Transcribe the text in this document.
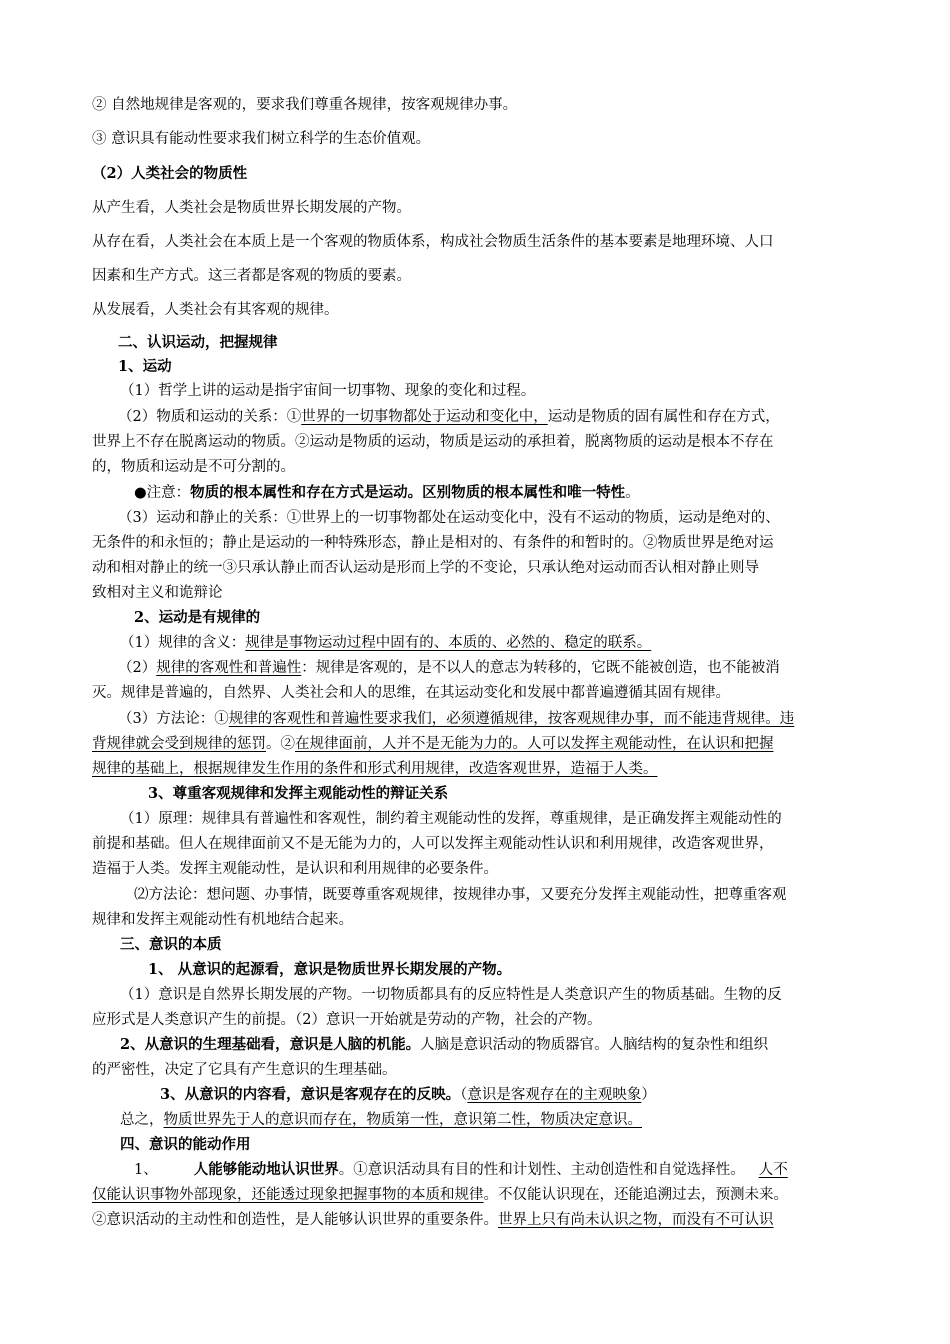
② 自然地规律是客观的，要求我们尊重各规律，按客观规律办事。
③ 意识具有能动性要求我们树立科学的生态价值观。
（2）人类社会的物质性
从产生看，人类社会是物质世界长期发展的产物。
从存在看，人类社会在本质上是一个客观的物质体系，构成社会物质生活条件的基本要素是地理环境、人口
因素和生产方式。这三者都是客观的物质的要素。
从发展看，人类社会有其客观的规律。
二、认识运动，把握规律
1、运动
（1）哲学上讲的运动是指宇宙间一切事物、现象的变化和过程。
（2）物质和运动的关系：①世界的一切事物都处于运动和变化中，运动是物质的固有属性和存在方式，
世界上不存在脱离运动的物质。②运动是物质的运动，物质是运动的承担着，脱离物质的运动是根本不存在
的，物质和运动是不可分割的。
●注意：物质的根本属性和存在方式是运动。区别物质的根本属性和唯一特性。
（3）运动和静止的关系：①世界上的一切事物都处在运动变化中，没有不运动的物质，运动是绝对的、
无条件的和永恒的；静止是运动的一种特殊形态，静止是相对的、有条件的和暂时的。②物质世界是绝对运
动和相对静止的统一③只承认静止而否认运动是形而上学的不变论，只承认绝对运动而否认相对静止则导
致相对主义和诡辩论
2、运动是有规律的
（1）规律的含义：规律是事物运动过程中固有的、本质的、必然的、稳定的联系。
（2）规律的客观性和普遍性：规律是客观的，是不以人的意志为转移的，它既不能被创造，也不能被消
灭。规律是普遍的，自然界、人类社会和人的思维，在其运动变化和发展中都普遍遵循其固有规律。
（3）方法论：①规律的客观性和普遍性要求我们，必须遵循规律，按客观规律办事，而不能违背规律。违
背规律就会受到规律的惩罚。②在规律面前，人并不是无能为力的。人可以发挥主观能动性，在认识和把握
规律的基础上，根据规律发生作用的条件和形式利用规律，改造客观世界，造福于人类。
3、尊重客观规律和发挥主观能动性的辩证关系
（1）原理：规律具有普遍性和客观性，制约着主观能动性的发挥，尊重规律，是正确发挥主观能动性的
前提和基础。但人在规律面前又不是无能为力的，人可以发挥主观能动性认识和利用规律，改造客观世界，
造福于人类。发挥主观能动性，是认识和利用规律的必要条件。
⑵方法论：想问题、办事情，既要尊重客观规律，按规律办事，又要充分发挥主观能动性，把尊重客观
规律和发挥主观能动性有机地结合起来。
三、意识的本质
1、 从意识的起源看，意识是物质世界长期发展的产物。
（1）意识是自然界长期发展的产物。一切物质都具有的反应特性是人类意识产生的物质基础。生物的反
应形式是人类意识产生的前提。（2）意识一开始就是劳动的产物，社会的产物。
2、从意识的生理基础看，意识是人脑的机能。人脑是意识活动的物质器官。人脑结构的复杂性和组织
的严密性，决定了它具有产生意识的生理基础。
3、从意识的内容看，意识是客观存在的反映。（意识是客观存在的主观映象）
总之，物质世界先于人的意识而存在，物质第一性，意识第二性，物质决定意识。
四、意识的能动作用
1、 人能够能动地认识世界。①意识活动具有目的性和计划性、主动创造性和自觉选择性。 人不
仅能认识事物外部现象，还能透过现象把握事物的本质和规律。不仅能认识现在，还能追溯过去，预测未来。
②意识活动的主动性和创造性，是人能够认识世界的重要条件。世界上只有尚未认识之物，而没有不可认识
